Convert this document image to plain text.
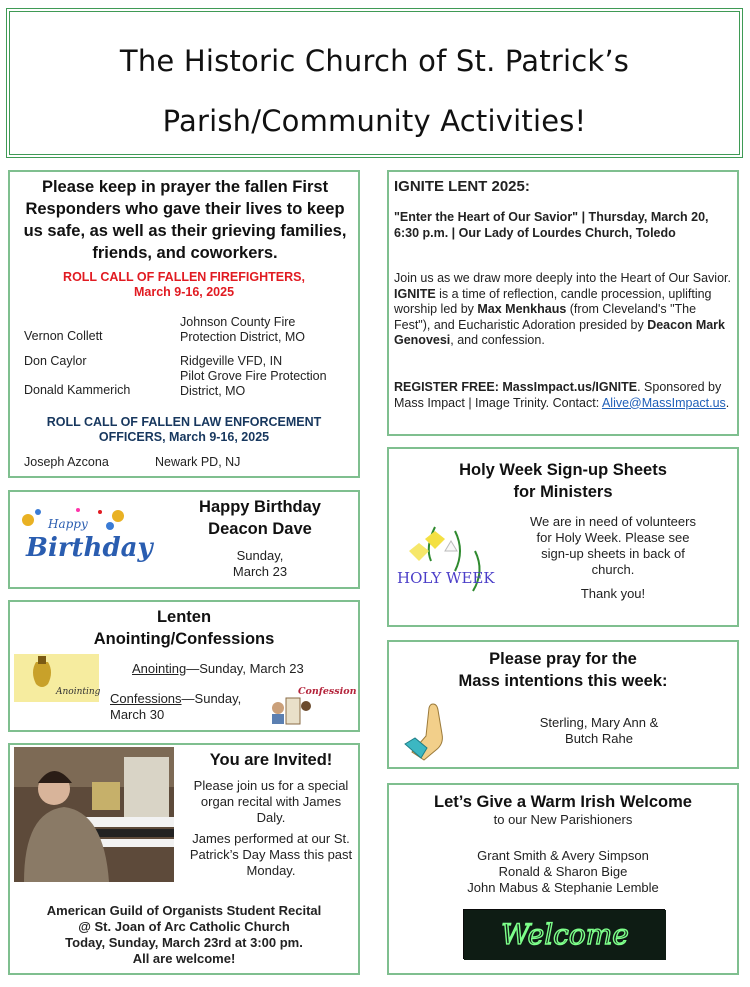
The Historic Church of St. Patrick’s
Parish/Community Activities!
Please keep in prayer the fallen First Responders who gave their lives to keep us safe, as well as their grieving families, friends, and coworkers.
ROLL CALL OF FALLEN FIREFIGHTERS,
March 9-16, 2025
Vernon Collett
Johnson County Fire Protection District, MO
Don Caylor	Ridgeville VFD, IN
Donald Kammerich
Pilot Grove Fire Protection District, MO
ROLL CALL OF FALLEN LAW ENFORCEMENT
OFFICERS, March 9-16, 2025
Joseph Azcona	Newark PD, NJ
Happy
Birthday
Happy Birthday
Deacon Dave
Sunday,
March 23
Lenten
Anointing/Confessions
Anointing
Anointing—Sunday, March 23
Confessions—Sunday,
March 30
Confession
You are Invited!
Please join us for a special organ recital with James Daly.
James performed at our St. Patrick’s Day Mass this past Monday.
American Guild of Organists Student Recital
@ St. Joan of Arc Catholic Church
Today, Sunday, March 23rd at 3:00 pm.
All are welcome!
IGNITE LENT 2025:
"Enter the Heart of Our Savior" | Thursday, March 20, 6:30 p.m. | Our Lady of Lourdes Church, Toledo
Join us as we draw more deeply into the Heart of Our Savior. IGNITE is a time of reflection, candle procession, uplifting worship led by Max Menkhaus (from Cleveland's "The Fest"), and Eucharistic Adoration presided by Deacon Mark Genovesi, and confession.
REGISTER FREE: MassImpact.us/IGNITE. Sponsored by Mass Impact | Image Trinity. Contact: Alive@MassImpact.us.
Holy Week Sign-up Sheets
for Ministers
HOLY WEEK
We are in need of volunteers for Holy Week. Please see sign-up sheets in back of church.
Thank you!
Please pray for the
Mass intentions this week:
Sterling, Mary Ann &
Butch Rahe
Let’s Give a Warm Irish Welcome
to our New Parishioners
Grant Smith & Avery Simpson
Ronald & Sharon Bige
John Mabus & Stephanie Lemble
Welcome
